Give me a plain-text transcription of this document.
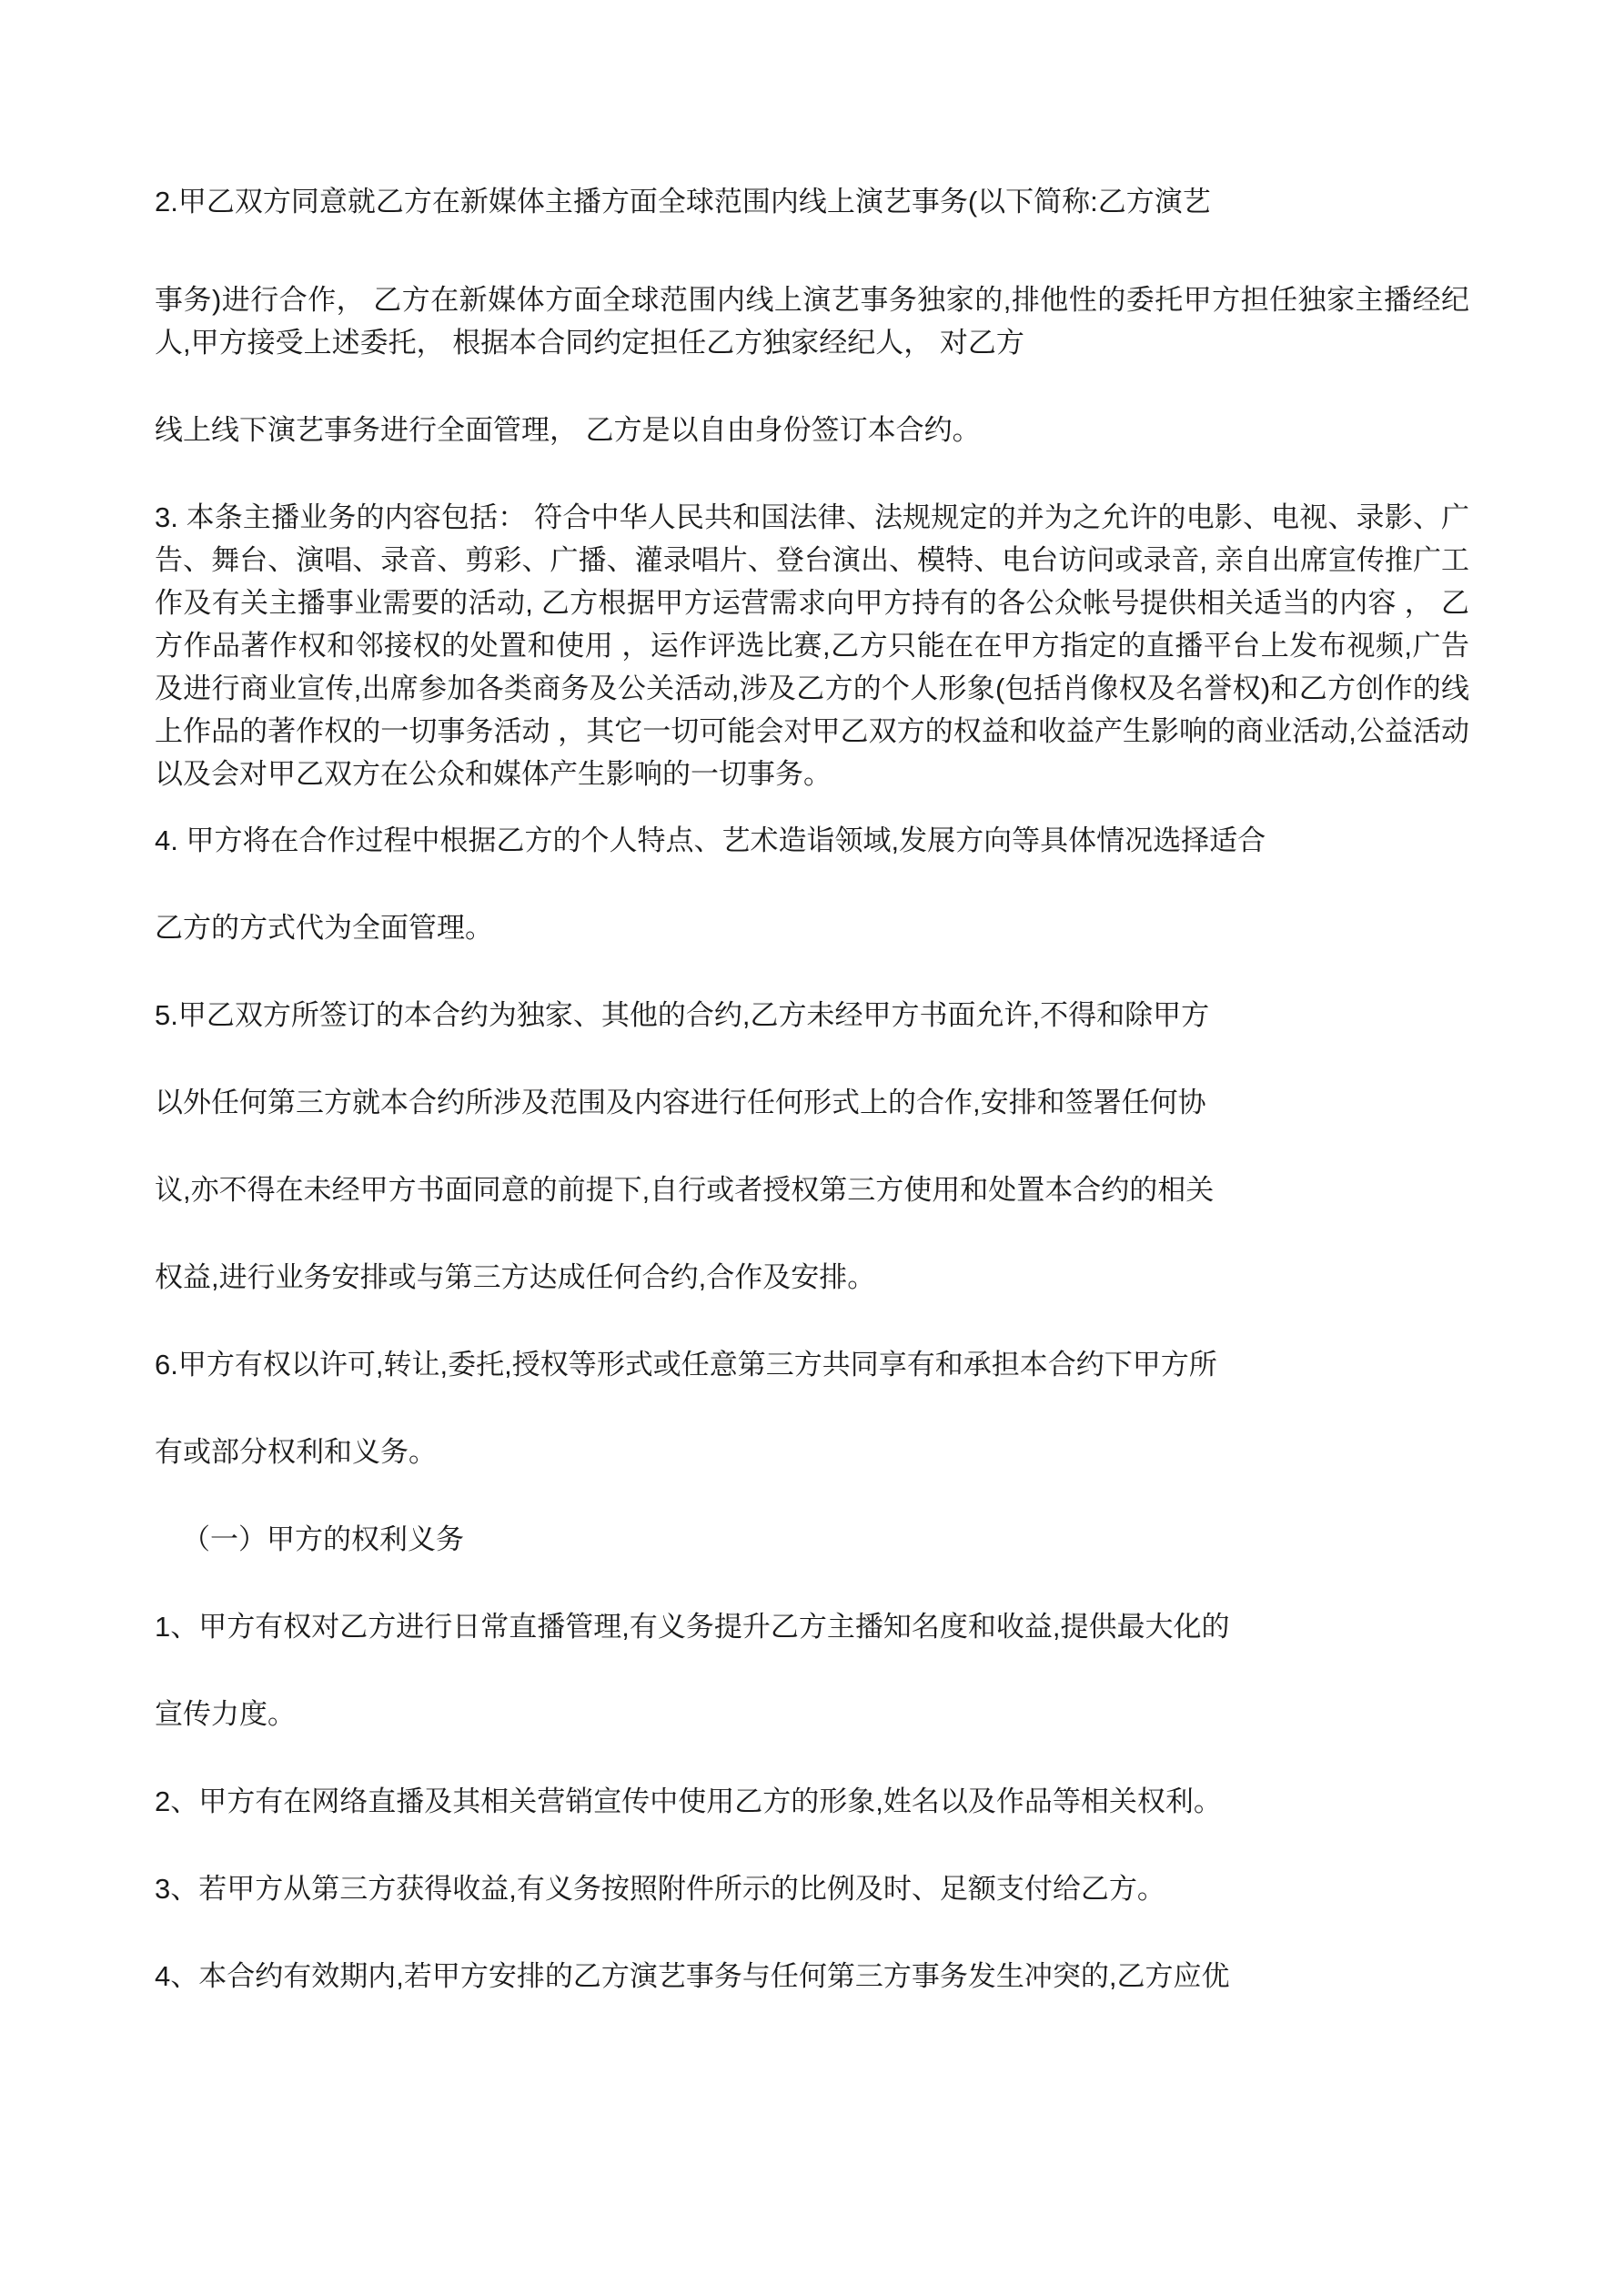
2.甲乙双方同意就乙方在新媒体主播方面全球范围内线上演艺事务(以下简称:乙方演艺

事务)进行合作， 乙方在新媒体方面全球范围内线上演艺事务独家的,排他性的委托甲方担任独家主播经纪人,甲方接受上述委托， 根据本合同约定担任乙方独家经纪人， 对乙方

线上线下演艺事务进行全面管理， 乙方是以自由身份签订本合约。

3. 本条主播业务的内容包括： 符合中华人民共和国法律、法规规定的并为之允许的电影、电视、录影、广告、舞台、演唱、录音、剪彩、广播、灌录唱片、登台演出、模特、电台访问或录音, 亲自出席宣传推广工作及有关主播事业需要的活动, 乙方根据甲方运营需求向甲方持有的各公众帐号提供相关适当的内容 ， 乙方作品著作权和邻接权的处置和使用 ，运作评选比赛,乙方只能在在甲方指定的直播平台上发布视频,广告及进行商业宣传,出席参加各类商务及公关活动,涉及乙方的个人形象(包括肖像权及名誉权)和乙方创作的线上作品的著作权的一切事务活动 ，其它一切可能会对甲乙双方的权益和收益产生影响的商业活动,公益活动以及会对甲乙双方在公众和媒体产生影响的一切事务。

4. 甲方将在合作过程中根据乙方的个人特点、艺术造诣领域,发展方向等具体情况选择适合

乙方的方式代为全面管理。

5.甲乙双方所签订的本合约为独家、其他的合约,乙方未经甲方书面允许,不得和除甲方

以外任何第三方就本合约所涉及范围及内容进行任何形式上的合作,安排和签署任何协

议,亦不得在未经甲方书面同意的前提下,自行或者授权第三方使用和处置本合约的相关

权益,进行业务安排或与第三方达成任何合约,合作及安排。

6.甲方有权以许可,转让,委托,授权等形式或任意第三方共同享有和承担本合约下甲方所

有或部分权利和义务。

（一）甲方的权利义务

1、甲方有权对乙方进行日常直播管理,有义务提升乙方主播知名度和收益,提供最大化的

宣传力度。

2、甲方有在网络直播及其相关营销宣传中使用乙方的形象,姓名以及作品等相关权利。

3、若甲方从第三方获得收益,有义务按照附件所示的比例及时、足额支付给乙方。

4、本合约有效期内,若甲方安排的乙方演艺事务与任何第三方事务发生冲突的,乙方应优
